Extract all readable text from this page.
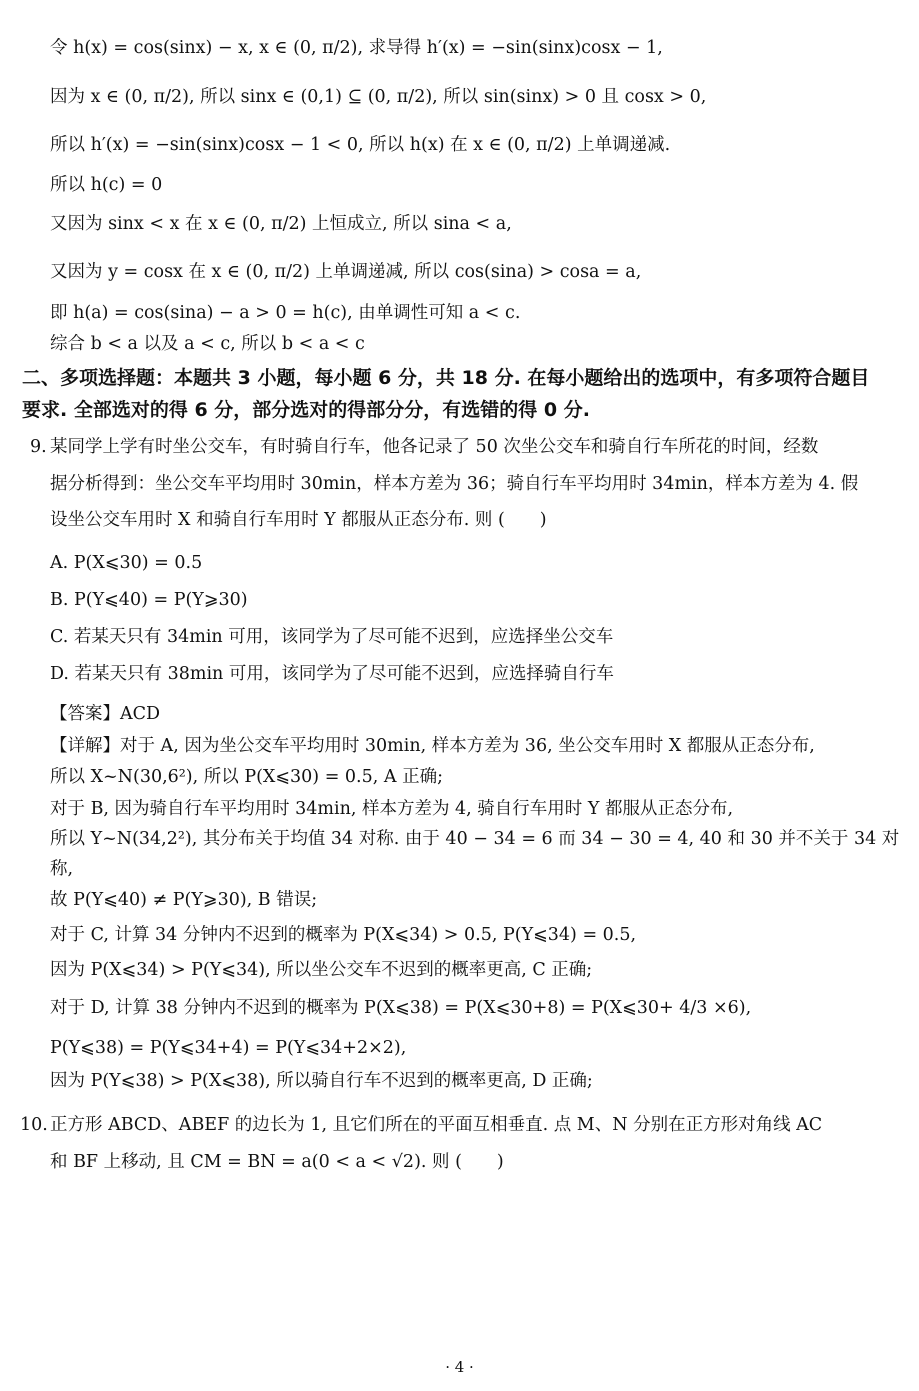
令 h(x) = cos(sinx) − x, x ∈ (0, π/2), 求导得 h′(x) = −sin(sinx)cosx − 1,
因为 x ∈ (0, π/2), 所以 sinx ∈ (0,1) ⊆ (0, π/2), 所以 sin(sinx) > 0 且 cosx > 0,
所以 h′(x) = −sin(sinx)cosx − 1 < 0, 所以 h(x) 在 x ∈ (0, π/2) 上单调递减.
所以 h(c) = 0
又因为 sinx < x 在 x ∈ (0, π/2) 上恒成立, 所以 sina < a,
又因为 y = cosx 在 x ∈ (0, π/2) 上单调递减, 所以 cos(sina) > cosa = a,
即 h(a) = cos(sina) − a > 0 = h(c), 由单调性可知 a < c.
综合 b < a 以及 a < c, 所以 b < a < c
二、多项选择题：本题共 3 小题，每小题 6 分，共 18 分. 在每小题给出的选项中，有多项符合题目
要求. 全部选对的得 6 分，部分选对的得部分分，有选错的得 0 分.
9. 某同学上学有时坐公交车，有时骑自行车，他各记录了 50 次坐公交车和骑自行车所花的时间，经数
据分析得到：坐公交车平均用时 30min，样本方差为 36；骑自行车平均用时 34min，样本方差为 4. 假
设坐公交车用时 X 和骑自行车用时 Y 都服从正态分布. 则 (　　)
A. P(X⩽30) = 0.5
B. P(Y⩽40) = P(Y⩾30)
C. 若某天只有 34min 可用，该同学为了尽可能不迟到，应选择坐公交车
D. 若某天只有 38min 可用，该同学为了尽可能不迟到，应选择骑自行车
【答案】ACD
【详解】对于 A, 因为坐公交车平均用时 30min, 样本方差为 36, 坐公交车用时 X 都服从正态分布,
所以 X~N(30,6²), 所以 P(X⩽30) = 0.5, A 正确;
对于 B, 因为骑自行车平均用时 34min, 样本方差为 4, 骑自行车用时 Y 都服从正态分布,
所以 Y~N(34,2²), 其分布关于均值 34 对称. 由于 40 − 34 = 6 而 34 − 30 = 4, 40 和 30 并不关于 34 对
称,
故 P(Y⩽40) ≠ P(Y⩾30), B 错误;
对于 C, 计算 34 分钟内不迟到的概率为 P(X⩽34) > 0.5, P(Y⩽34) = 0.5,
因为 P(X⩽34) > P(Y⩽34), 所以坐公交车不迟到的概率更高, C 正确;
对于 D, 计算 38 分钟内不迟到的概率为 P(X⩽38) = P(X⩽30+8) = P(X⩽30+ 4/3 ×6),
P(Y⩽38) = P(Y⩽34+4) = P(Y⩽34+2×2),
因为 P(Y⩽38) > P(X⩽38), 所以骑自行车不迟到的概率更高, D 正确;
10. 正方形 ABCD、ABEF 的边长为 1, 且它们所在的平面互相垂直. 点 M、N 分别在正方形对角线 AC
和 BF 上移动, 且 CM = BN = a(0 < a < √2). 则 (　　)
· 4 ·
